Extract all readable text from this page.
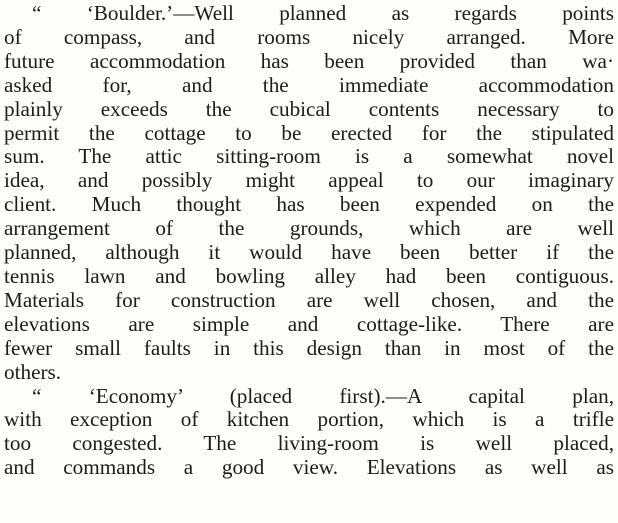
“ ‘Boulder.’—Well planned as regards points
of compass, and rooms nicely arranged. More
future accommodation has been provided than wa·
asked for, and the immediate accommodation
plainly exceeds the cubical contents necessary to
permit the cottage to be erected for the stipulated
sum. The attic sitting-room is a somewhat novel
idea, and possibly might appeal to our imaginary
client. Much thought has been expended on the
arrangement of the grounds, which are well
planned, although it would have been better if the
tennis lawn and bowling alley had been contiguous.
Materials for construction are well chosen, and the
elevations are simple and cottage-like. There are
fewer small faults in this design than in most of the
others.

“ ‘Economy’ (placed first).—A capital plan,
with exception of kitchen portion, which is a trifle
too congested. The living-room is well placed,
and commands a good view. Elevations as well as
